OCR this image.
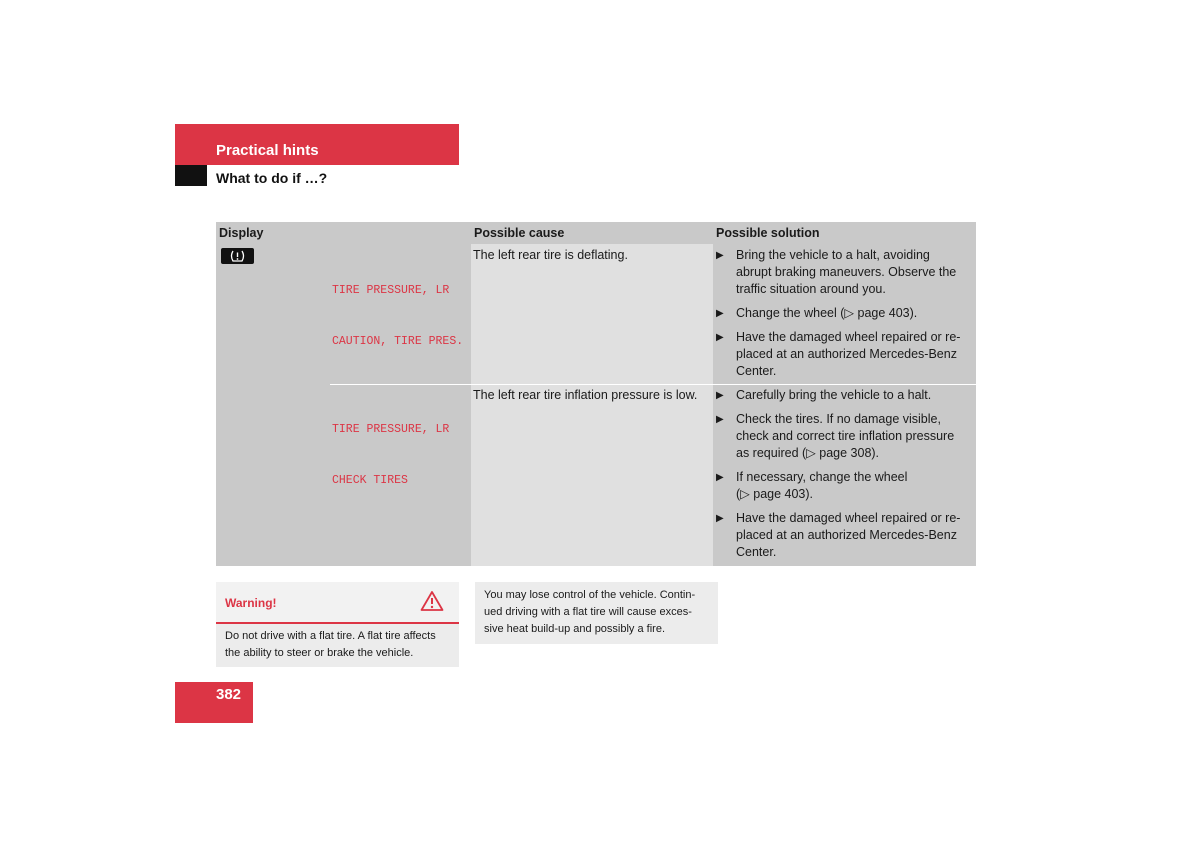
Practical hints
What to do if …?
Display	Possible cause	Possible solution

TIRE PRESSURE, LR

CAUTION, TIRE PRES.

The left rear tire is deflating.	▶ Bring the vehicle to a halt, avoiding
abrupt braking maneuvers. Observe the
traffic situation around you.
▶ Change the wheel (▷ page 403).
▶ Have the damaged wheel repaired or re-
placed at an authorized Mercedes-Benz
Center.

TIRE PRESSURE, LR

CHECK TIRES

The left rear tire inflation pressure is low. ▶ Carefully bring the vehicle to a halt.
▶ Check the tires. If no damage visible,
check and correct tire inflation pressure
as required (▷ page 308).
▶ If necessary, change the wheel
(▷ page 403).
▶ Have the damaged wheel repaired or re-
placed at an authorized Mercedes-Benz
Center.
Warning!
Do not drive with a flat tire. A flat tire affects
the ability to steer or brake the vehicle.
You may lose control of the vehicle. Contin-
ued driving with a flat tire will cause exces-
sive heat build-up and possibly a fire.
382
